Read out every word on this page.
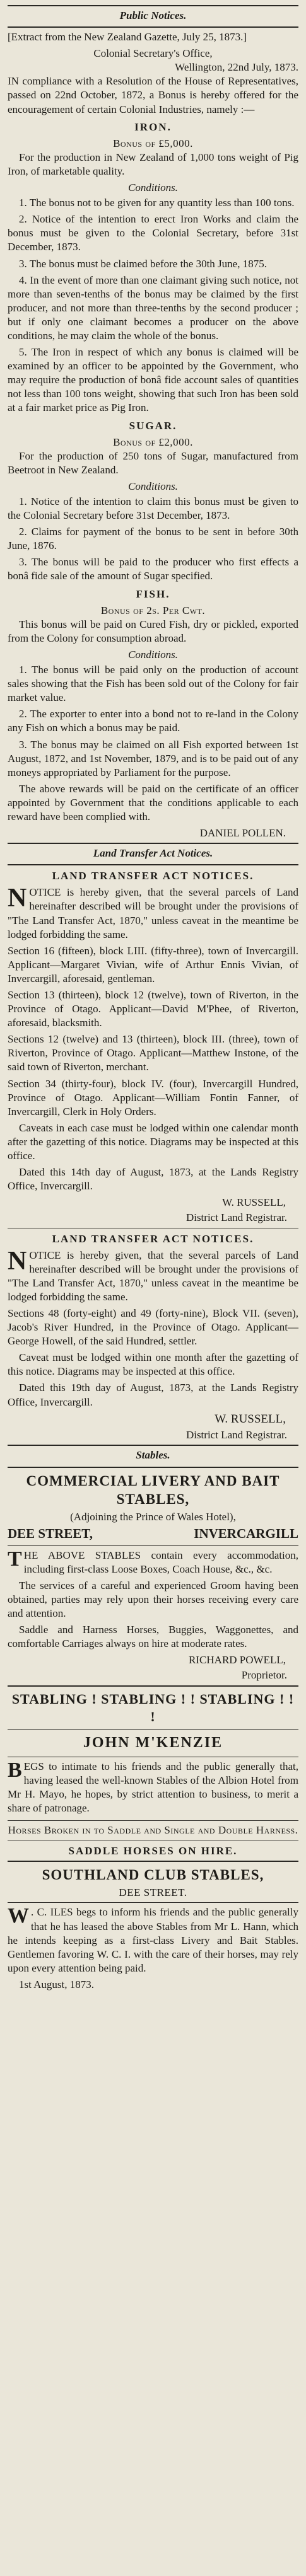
Public Notices.

[Extract from the New Zealand Gazette, July 25, 1873.]

Colonial Secretary's Office,
Wellington, 22nd July, 1873.

IN compliance with a Resolution of the House of Representatives, passed on 22nd October, 1872, a Bonus is hereby offered for the encouragement of certain Colonial Industries, namely :—

IRON.
Bonus of £5,000.

For the production in New Zealand of 1,000 tons weight of Pig Iron, of marketable quality.

Conditions.

1. The bonus not to be given for any quantity less than 100 tons.

2. Notice of the intention to erect Iron Works and claim the bonus must be given to the Colonial Secretary, before 31st December, 1873.

3. The bonus must be claimed before the 30th June, 1875.

4. In the event of more than one claimant giving such notice, not more than seven-tenths of the bonus may be claimed by the first producer, and not more than three-tenths by the second producer ; but if only one claimant becomes a producer on the above conditions, he may claim the whole of the bonus.

5. The Iron in respect of which any bonus is claimed will be examined by an officer to be appointed by the Government, who may require the production of bonâ fide account sales of quantities not less than 100 tons weight, showing that such Iron has been sold at a fair market price as Pig Iron.

SUGAR.
Bonus of £2,000.

For the production of 250 tons of Sugar, manufactured from Beetroot in New Zealand.

Conditions.

1. Notice of the intention to claim this bonus must be given to the Colonial Secretary before 31st December, 1873.

2. Claims for payment of the bonus to be sent in before 30th June, 1876.

3. The bonus will be paid to the producer who first effects a bonâ fide sale of the amount of Sugar specified.

FISH.
Bonus of 2s. Per Cwt.

This bonus will be paid on Cured Fish, dry or pickled, exported from the Colony for consumption abroad.

Conditions.

1. The bonus will be paid only on the production of account sales showing that the Fish has been sold out of the Colony for fair market value.

2. The exporter to enter into a bond not to re-land in the Colony any Fish on which a bonus may be paid.

3. The bonus may be claimed on all Fish exported between 1st August, 1872, and 1st November, 1879, and is to be paid out of any moneys appropriated by Parliament for the purpose.

The above rewards will be paid on the certificate of an officer appointed by Government that the conditions applicable to each reward have been complied with.

DANIEL POLLEN.
Land Transfer Act Notices.
LAND TRANSFER ACT NOTICES.

NOTICE is hereby given, that the several parcels of Land hereinafter described will be brought under the provisions of "The Land Transfer Act, 1870," unless caveat in the meantime be lodged forbidding the same.

Section 16 (fifteen), block LIII. (fifty-three), town of Invercargill. Applicant—Margaret Vivian, wife of Arthur Ennis Vivian, of Invercargill, aforesaid, gentleman.

Section 13 (thirteen), block 12 (twelve), town of Riverton, in the Province of Otago. Applicant—David M'Phee, of Riverton, aforesaid, blacksmith.

Sections 12 (twelve) and 13 (thirteen), block III. (three), town of Riverton, Province of Otago. Applicant—Matthew Instone, of the said town of Riverton, merchant.

Section 34 (thirty-four), block IV. (four), Invercargill Hundred, Province of Otago. Applicant—William Fontin Fanner, of Invercargill, Clerk in Holy Orders.

Caveats in each case must be lodged within one calendar month after the gazetting of this notice. Diagrams may be inspected at this office.

Dated this 14th day of August, 1873, at the Lands Registry Office, Invercargill.

W. RUSSELL,
District Land Registrar.
LAND TRANSFER ACT NOTICES.

NOTICE is hereby given, that the several parcels of Land hereinafter described will be brought under the provisions of "The Land Transfer Act, 1870," unless caveat in the meantime be lodged forbidding the same.

Sections 48 (forty-eight) and 49 (forty-nine), Block VII. (seven), Jacob's River Hundred, in the Province of Otago. Applicant—George Howell, of the said Hundred, settler.

Caveat must be lodged within one month after the gazetting of this notice. Diagrams may be inspected at this office.

Dated this 19th day of August, 1873, at the Lands Registry Office, Invercargill.

W. RUSSELL,
District Land Registrar.
Stables.
COMMERCIAL LIVERY AND BAIT STABLES,
(Adjoining the Prince of Wales Hotel),
DEE STREET,	INVERCARGILL

THE ABOVE STABLES contain every accommodation, including first-class Loose Boxes, Coach House, &c., &c.

The services of a careful and experienced Groom having been obtained, parties may rely upon their horses receiving every care and attention.

Saddle and Harness Horses, Buggies, Waggonettes, and comfortable Carriages always on hire at moderate rates.

RICHARD POWELL,
Proprietor.
STABLING ! STABLING ! ! STABLING ! ! !
JOHN M'KENZIE

BEGS to intimate to his friends and the public generally that, having leased the well-known Stables of the Albion Hotel from Mr H. Mayo, he hopes, by strict attention to business, to merit a share of patronage.

Horses Broken in to Saddle and Single and Double Harness.
SADDLE HORSES ON HIRE.
SOUTHLAND CLUB STABLES,
DEE STREET.

W . C. ILES begs to inform his friends and the public generally that he has leased the above Stables from Mr L. Hann, which he intends keeping as a first-class Livery and Bait Stables. Gentlemen favoring W. C. I. with the care of their horses, may rely upon every attention being paid.

1st August, 1873.
